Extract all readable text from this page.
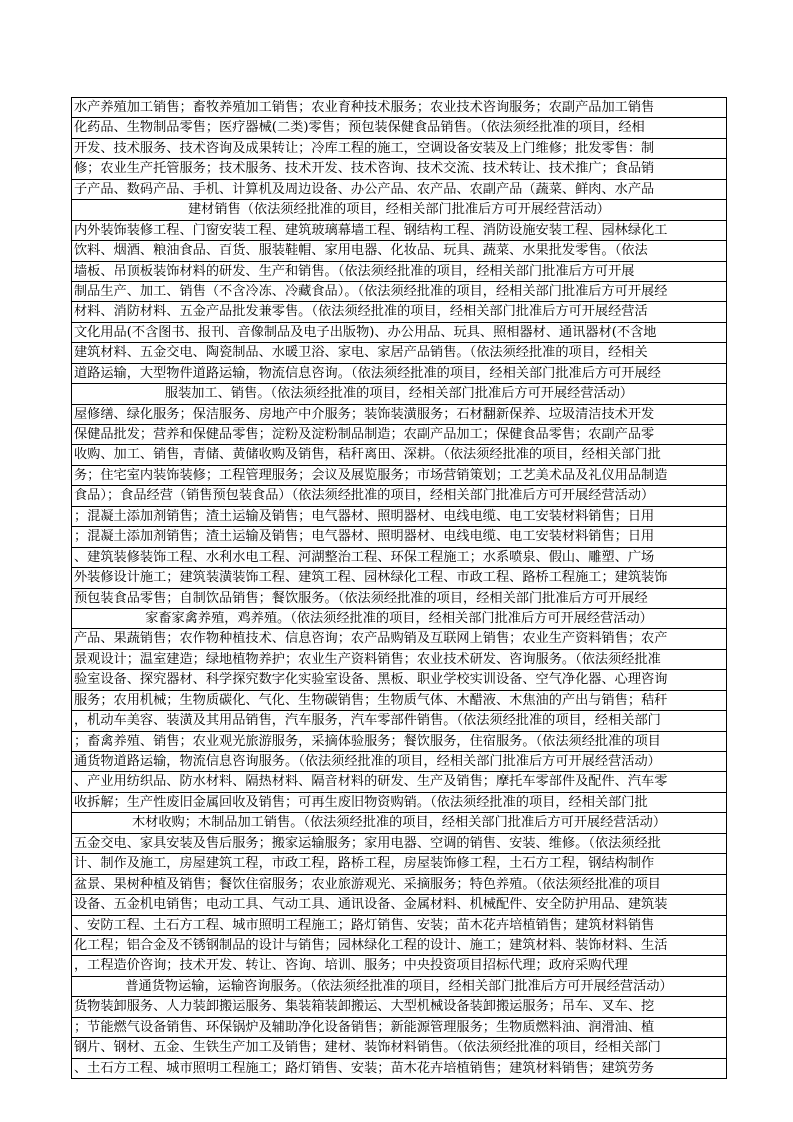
水产养殖加工销售；畜牧养殖加工销售；农业育种技术服务；农业技术咨询服务；农副产品加工销售
化药品、生物制品零售；医疗器械(二类)零售；预包装保健食品销售。（依法须经批准的项目，经相
开发、技术服务、技术咨询及成果转让；冷库工程的施工，空调设备安装及上门维修；批发零售：制
修；农业生产托管服务；技术服务、技术开发、技术咨询、技术交流、技术转让、技术推广；食品销
子产品、数码产品、手机、计算机及周边设备、办公产品、农产品、农副产品（蔬菜、鲜肉、水产品
建材销售（依法须经批准的项目，经相关部门批准后方可开展经营活动）
内外装饰装修工程、门窗安装工程、建筑玻璃幕墙工程、钢结构工程、消防设施安装工程、园林绿化工
饮料、烟酒、粮油食品、百货、服装鞋帽、家用电器、化妆品、玩具、蔬菜、水果批发零售。（依法
墙板、吊顶板装饰材料的研发、生产和销售。（依法须经批准的项目，经相关部门批准后方可开展
制品生产、加工、销售（不含冷冻、冷藏食品）。（依法须经批准的项目，经相关部门批准后方可开展经
材料、消防材料、五金产品批发兼零售。（依法须经批准的项目，经相关部门批准后方可开展经营活
文化用品(不含图书、报刊、音像制品及电子出版物)、办公用品、玩具、照相器材、通讯器材(不含地
建筑材料、五金交电、陶瓷制品、水暖卫浴、家电、家居产品销售。（依法须经批准的项目，经相关
道路运输，大型物件道路运输，物流信息咨询。（依法须经批准的项目，经相关部门批准后方可开展经
服装加工、销售。（依法须经批准的项目，经相关部门批准后方可开展经营活动）
屋修缮、绿化服务；保洁服务、房地产中介服务；装饰装潢服务；石材翻新保养、垃圾清洁技术开发
保健品批发；营养和保健品零售；淀粉及淀粉制品制造；农副产品加工；保健食品零售；农副产品零
收购、加工、销售，青储、黄储收购及销售，秸秆离田、深耕。（依法须经批准的项目，经相关部门批
务；住宅室内装饰装修；工程管理服务；会议及展览服务；市场营销策划；工艺美术品及礼仪用品制造
食品）；食品经营（销售预包装食品）（依法须经批准的项目，经相关部门批准后方可开展经营活动）
；混凝土添加剂销售；渣土运输及销售；电气器材、照明器材、电线电缆、电工安装材料销售；日用
；混凝土添加剂销售；渣土运输及销售；电气器材、照明器材、电线电缆、电工安装材料销售；日用
、建筑装修装饰工程、水利水电工程、河湖整治工程、环保工程施工；水系喷泉、假山、雕塑、广场
外装修设计施工；建筑装潢装饰工程、建筑工程、园林绿化工程、市政工程、路桥工程施工；建筑装饰
预包装食品零售；自制饮品销售；餐饮服务。（依法须经批准的项目，经相关部门批准后方可开展经
家畜家禽养殖，鸡养殖。（依法须经批准的项目，经相关部门批准后方可开展经营活动）
产品、果蔬销售；农作物种植技术、信息咨询；农产品购销及互联网上销售；农业生产资料销售；农产
景观设计；温室建造；绿地植物养护；农业生产资料销售；农业技术研发、咨询服务。（依法须经批准
验室设备、探究器材、科学探究数字化实验室设备、黑板、职业学校实训设备、空气净化器、心理咨询
服务；农用机械；生物质碳化、气化、生物碳销售；生物质气体、木醋液、木焦油的产出与销售；秸秆
，机动车美容、装潢及其用品销售，汽车服务，汽车零部件销售。（依法须经批准的项目，经相关部门
；畜禽养殖、销售；农业观光旅游服务，采摘体验服务；餐饮服务，住宿服务。（依法须经批准的项目
通货物道路运输，物流信息咨询服务。（依法须经批准的项目，经相关部门批准后方可开展经营活动）
、产业用纺织品、防水材料、隔热材料、隔音材料的研发、生产及销售；摩托车零部件及配件、汽车零
收拆解；生产性废旧金属回收及销售；可再生废旧物资购销。（依法须经批准的项目，经相关部门批
木材收购；木制品加工销售。（依法须经批准的项目，经相关部门批准后方可开展经营活动）
五金交电、家具安装及售后服务；搬家运输服务；家用电器、空调的销售、安装、维修。（依法须经批
计、制作及施工，房屋建筑工程，市政工程，路桥工程，房屋装饰修工程，土石方工程，钢结构制作
盆景、果树种植及销售；餐饮住宿服务；农业旅游观光、采摘服务；特色养殖。（依法须经批准的项目
设备、五金机电销售；电动工具、气动工具、通讯设备、金属材料、机械配件、安全防护用品、建筑装
、安防工程、土石方工程、城市照明工程施工；路灯销售、安装；苗木花卉培植销售；建筑材料销售
化工程；铝合金及不锈钢制品的设计与销售；园林绿化工程的设计、施工；建筑材料、装饰材料、生活
，工程造价咨询；技术开发、转让、咨询、培训、服务；中央投资项目招标代理；政府采购代理
普通货物运输，运输咨询服务。（依法须经批准的项目，经相关部门批准后方可开展经营活动）
货物装卸服务、人力装卸搬运服务、集装箱装卸搬运、大型机械设备装卸搬运服务；吊车、叉车、挖
；节能燃气设备销售、环保锅炉及辅助净化设备销售；新能源管理服务；生物质燃料油、润滑油、植
钢片、钢材、五金、生铁生产加工及销售；建材、装饰材料销售。（依法须经批准的项目，经相关部门
、土石方工程、城市照明工程施工；路灯销售、安装；苗木花卉培植销售；建筑材料销售；建筑劳务
